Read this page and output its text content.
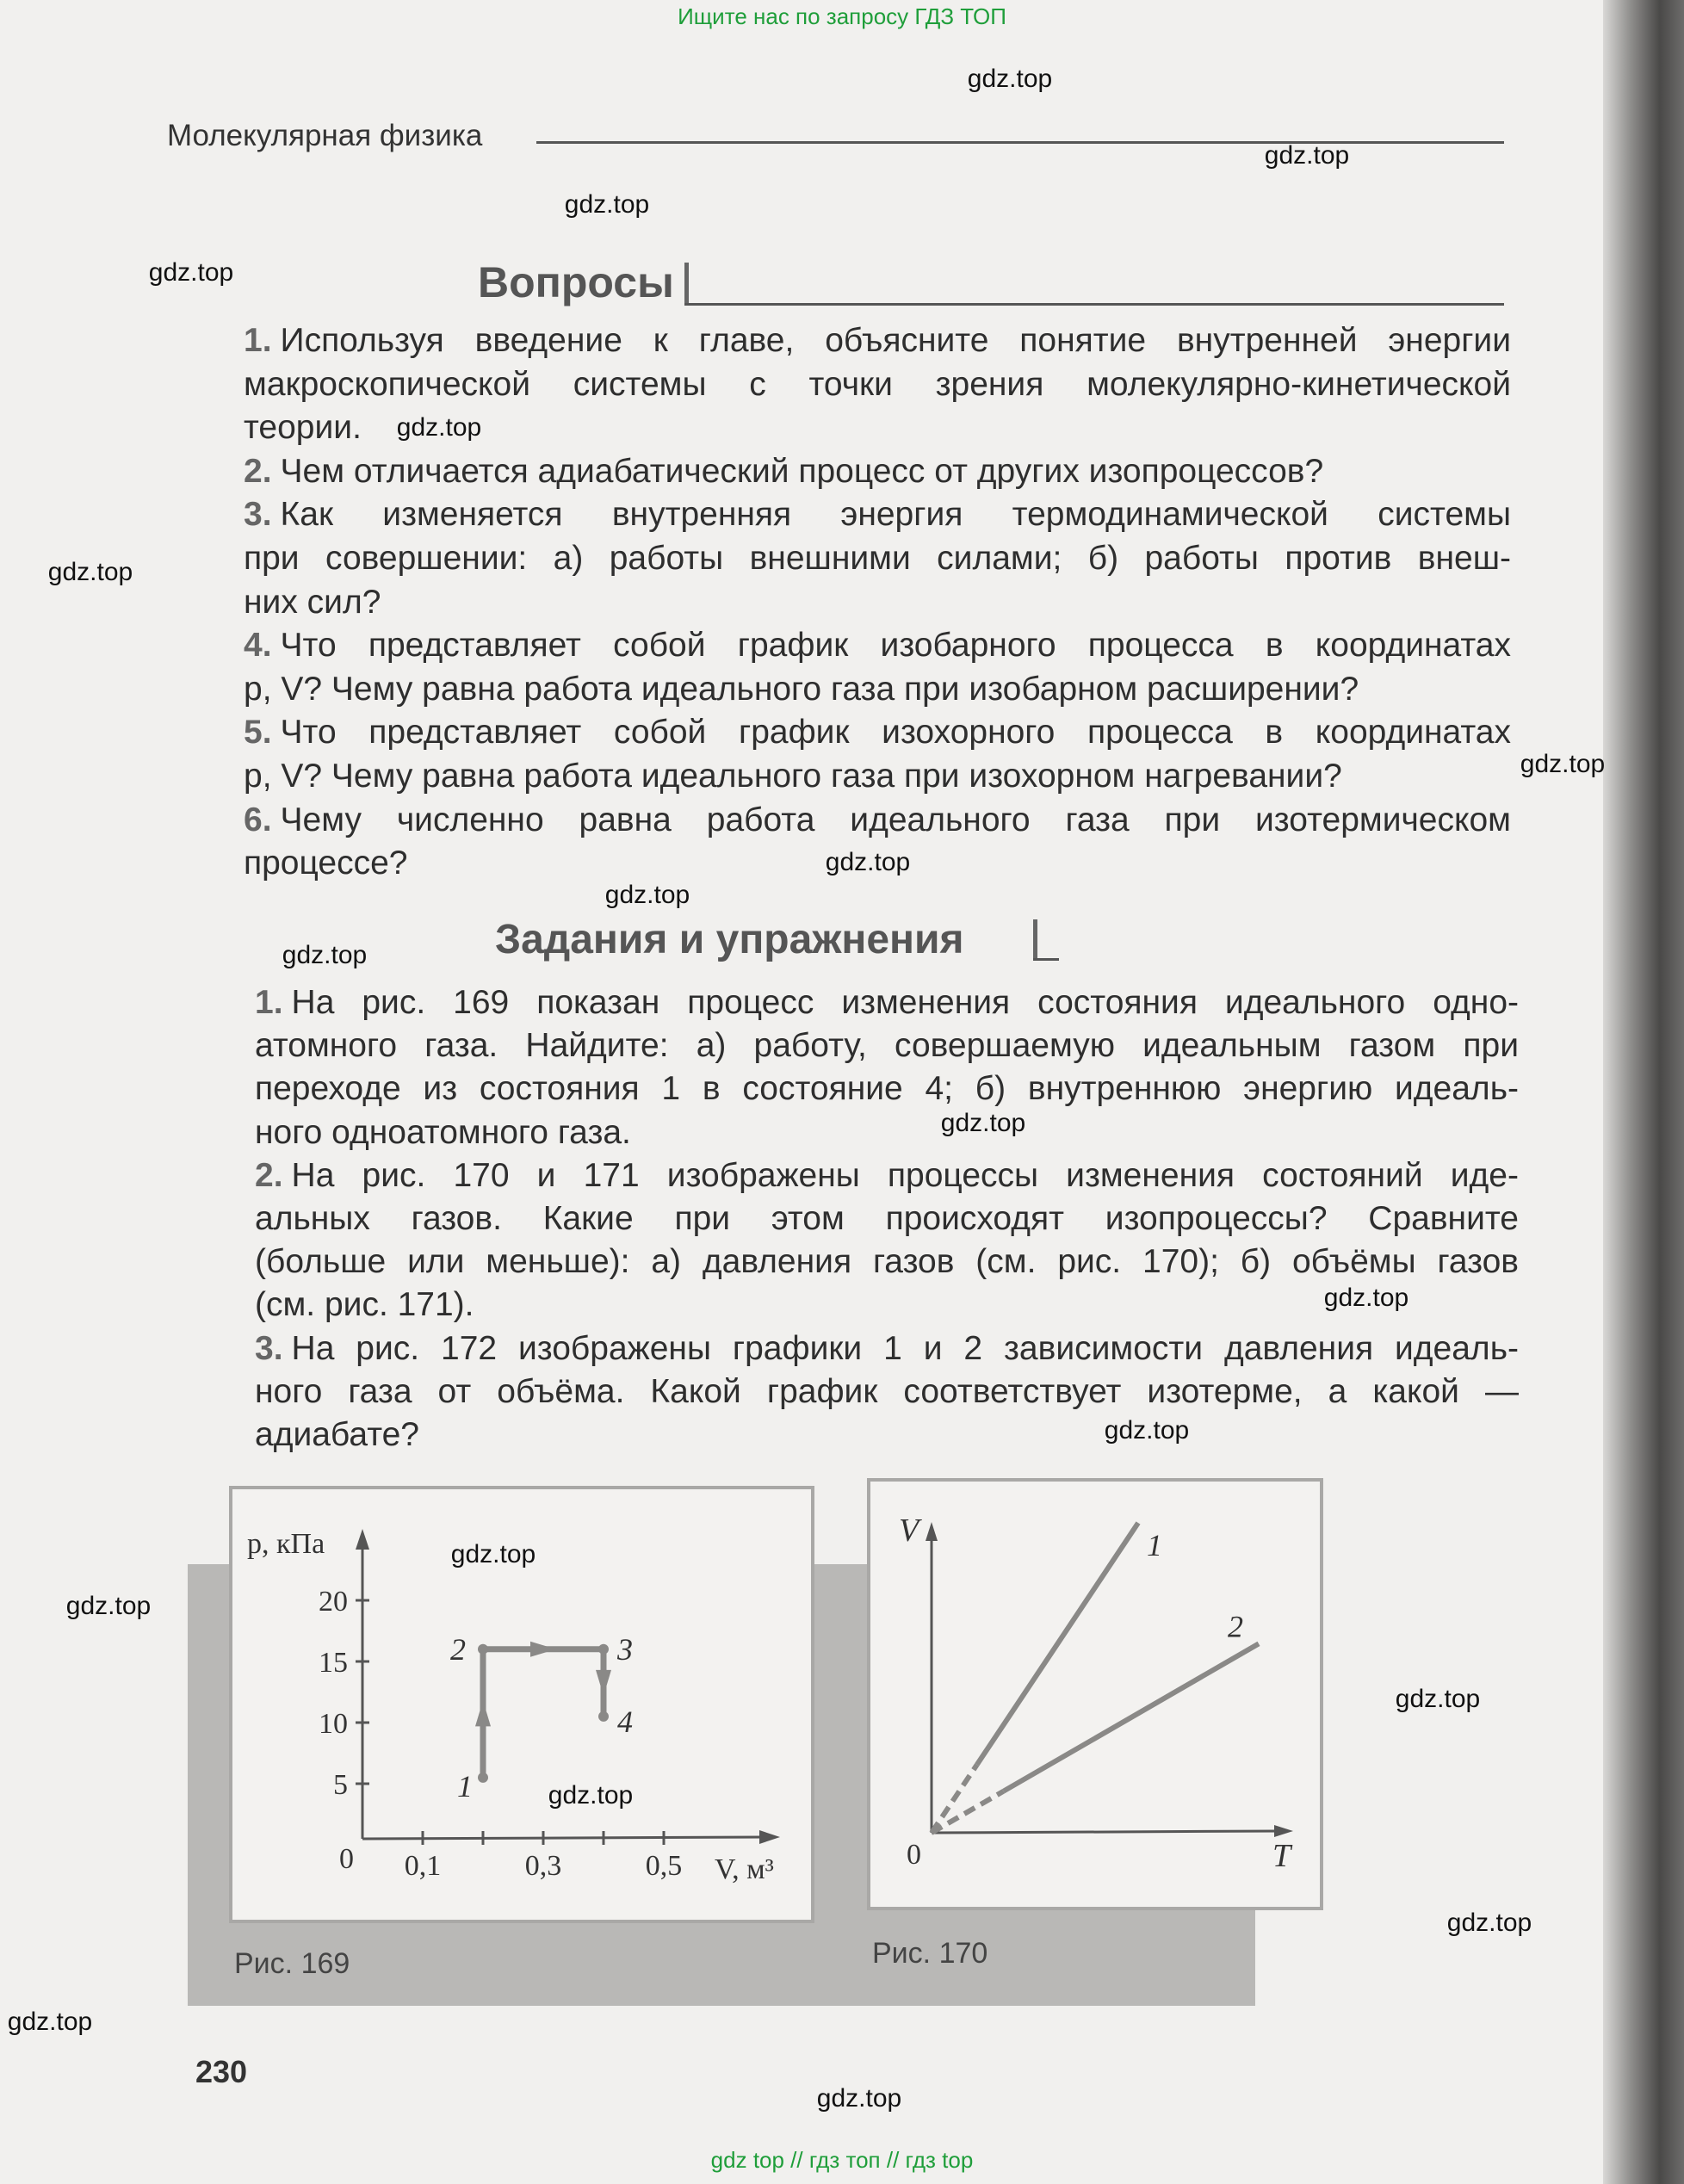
Ищите нас по запросу ГДЗ ТОП
Молекулярная физика
Вопросы
1. Используя введение к главе, объясните понятие внутренней энергии
макроскопической системы с точки зрения молекулярно-кинетической
теории.
2. Чем отличается адиабатический процесс от других изопроцессов?
3. Как изменяется внутренняя энергия термодинамической системы
при совершении: а) работы внешними силами; б) работы против внеш-
них сил?
4. Что представляет собой график изобарного процесса в координатах
p, V? Чему равна работа идеального газа при изобарном расширении?
5. Что представляет собой график изохорного процесса в координатах
p, V? Чему равна работа идеального газа при изохорном нагревании?
6. Чему численно равна работа идеального газа при изотермическом
процессе?
Задания и упражнения
1. На рис. 169 показан процесс изменения состояния идеального одно-
атомного газа. Найдите: а) работу, совершаемую идеальным газом при
переходе из состояния 1 в состояние 4; б) внутреннюю энергию идеаль-
ного одноатомного газа.
2. На рис. 170 и 171 изображены процессы изменения состояний иде-
альных газов. Какие при этом происходят изопроцессы? Сравните
(больше или меньше): а) давления газов (см. рис. 170); б) объёмы газов
(см. рис. 171).
3. На рис. 172 изображены графики 1 и 2 зависимости давления идеаль-
ного газа от объёма. Какой график соответствует изотерме, а какой —
адиабате?
p, кПа
V, м³
0
5
10
15
20
0,1	0,3	0,5
1
2	3
4
V
T
0
1
2
Рис. 169	Рис. 170
230
gdz.top
gdz.top
gdz.top
gdz.top
gdz.top
gdz.top
gdz.top
gdz.top
gdz.top
gdz.top
gdz.top
gdz.top
gdz.top
gdz.top
gdz.top
gdz.top
gdz.top
gdz.top
gdz.top
gdz.top
gdz top // гдз топ // гдз top
